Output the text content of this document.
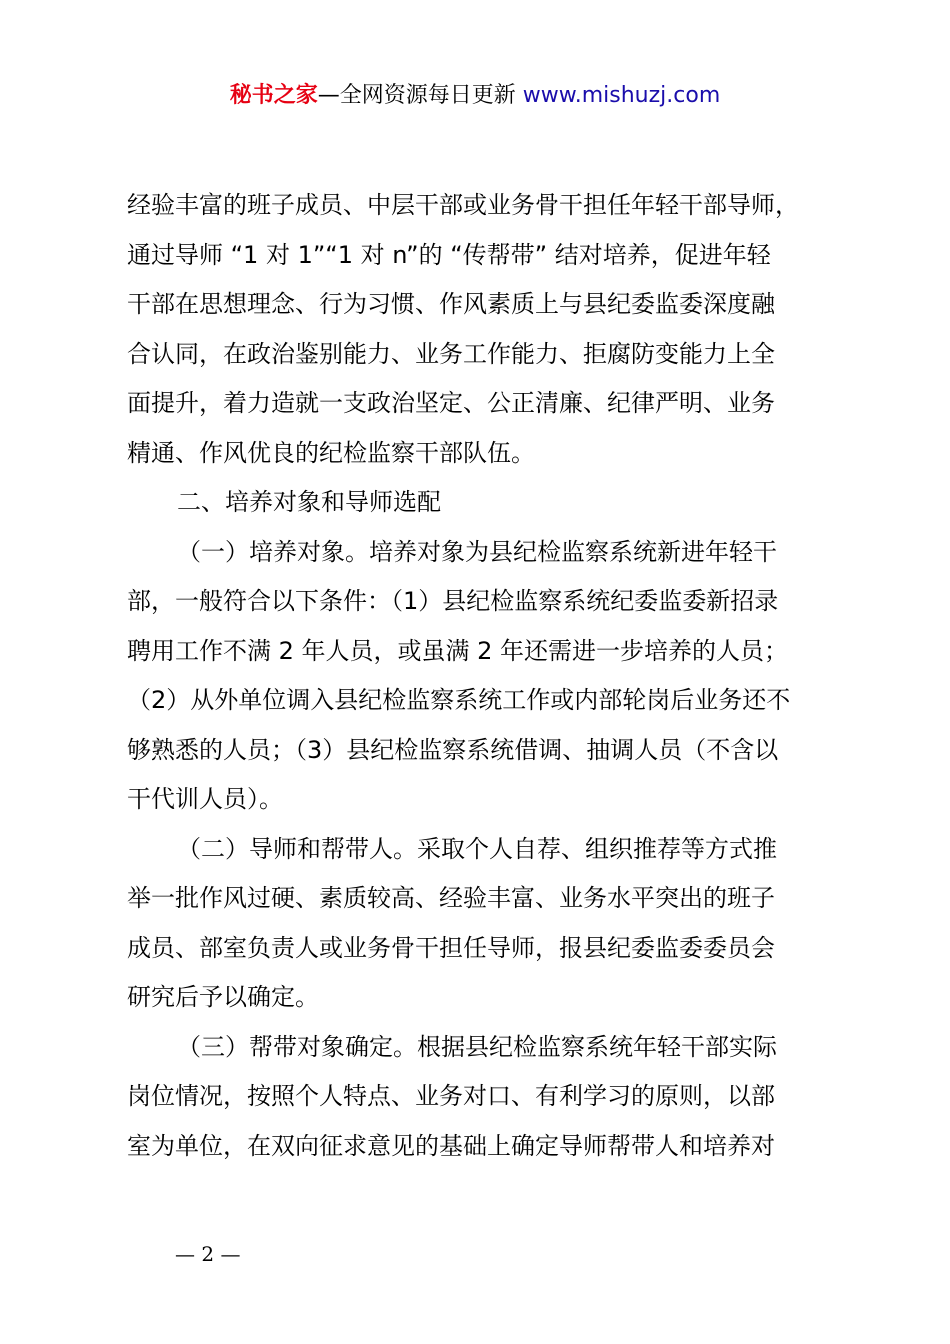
秘书之家—全网资源每日更新 www.mishuzj.com

经验丰富的班子成员、中层干部或业务骨干担任年轻干部导师，

通过导师 “1 对 1”“1 对 n”的 “传帮带” 结对培养，促进年轻

干部在思想理念、行为习惯、作风素质上与县纪委监委深度融

合认同，在政治鉴别能力、业务工作能力、拒腐防变能力上全

面提升，着力造就一支政治坚定、公正清廉、纪律严明、业务

精通、作风优良的纪检监察干部队伍。

二、培养对象和导师选配

（一）培养对象。培养对象为县纪检监察系统新进年轻干

部，一般符合以下条件：（1）县纪检监察系统纪委监委新招录

聘用工作不满 2 年人员，或虽满 2 年还需进一步培养的人员；

（2）从外单位调入县纪检监察系统工作或内部轮岗后业务还不

够熟悉的人员；（3）县纪检监察系统借调、抽调人员（不含以

干代训人员）。

（二）导师和帮带人。采取个人自荐、组织推荐等方式推

举一批作风过硬、素质较高、经验丰富、业务水平突出的班子

成员、部室负责人或业务骨干担任导师，报县纪委监委委员会

研究后予以确定。

（三）帮带对象确定。根据县纪检监察系统年轻干部实际

岗位情况，按照个人特点、业务对口、有利学习的原则，以部

室为单位，在双向征求意见的基础上确定导师帮带人和培养对

— 2 —
